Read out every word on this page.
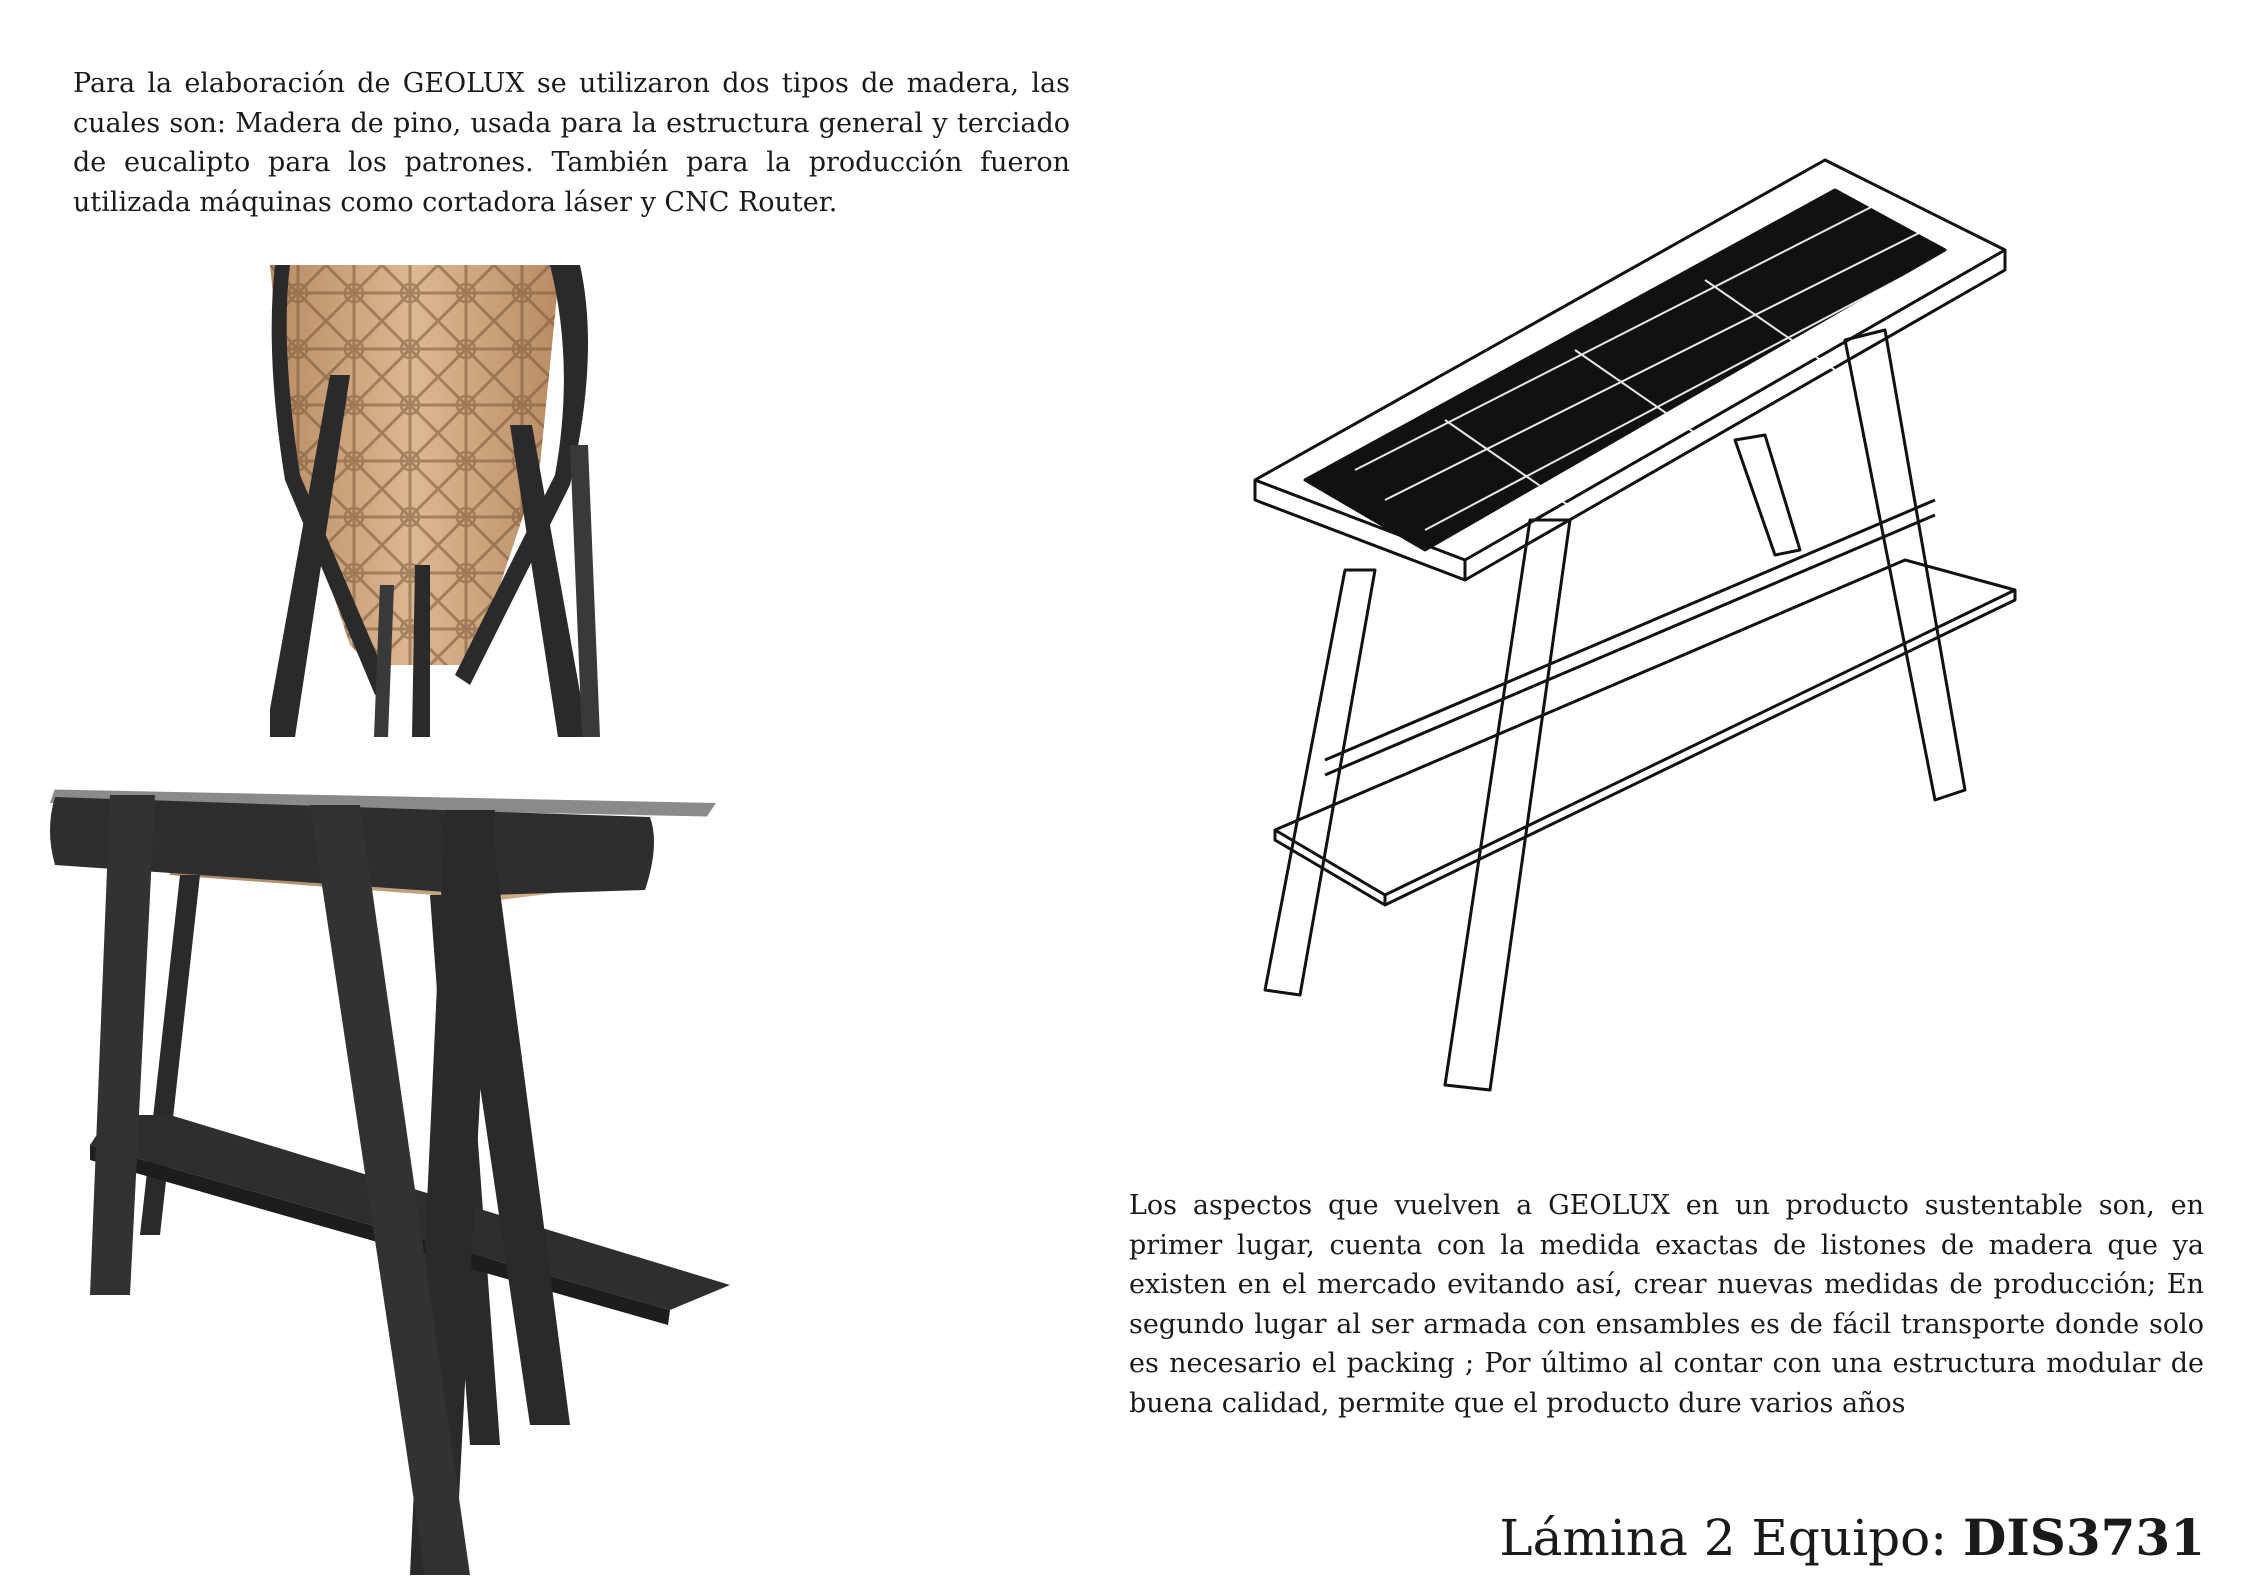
Para la elaboración de GEOLUX se utilizaron dos tipos de madera, las cuales son: Madera de pino, usada para la estructura general y terciado de eucalipto para los patrones. También para la producción fueron utilizada máquinas como cortadora láser y CNC Router.

Los aspectos que vuelven a GEOLUX en un producto sustentable son, en primer lugar, cuenta con la medida exactas de listones de madera que ya existen en el mercado evitando así, crear nuevas medidas de producción; En segundo lugar al ser armada con ensambles es de fácil transporte donde solo es necesario el packing ; Por último al contar con una estructura modular de buena calidad, permite que el producto dure varios años

Lámina 2 Equipo: DIS3731
